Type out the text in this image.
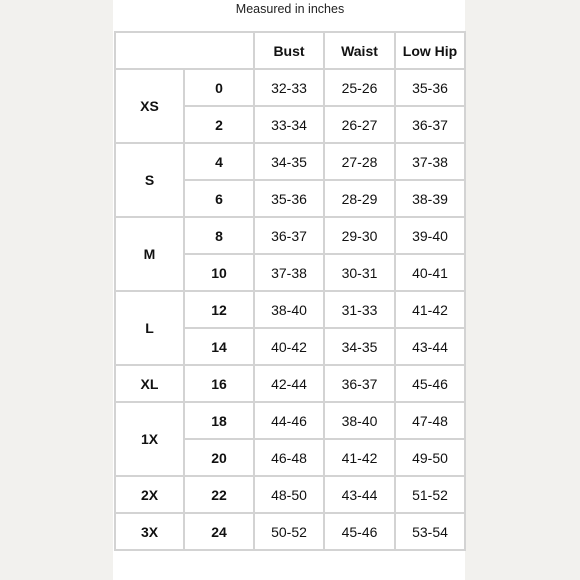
Measured in inches
		Bust	Waist	Low Hip
XS	0	32-33	25-26	35-36
	2	33-34	26-27	36-37
S	4	34-35	27-28	37-38
	6	35-36	28-29	38-39
M	8	36-37	29-30	39-40
	10	37-38	30-31	40-41
L	12	38-40	31-33	41-42
	14	40-42	34-35	43-44
XL	16	42-44	36-37	45-46
1X	18	44-46	38-40	47-48
	20	46-48	41-42	49-50
2X	22	48-50	43-44	51-52
3X	24	50-52	45-46	53-54
